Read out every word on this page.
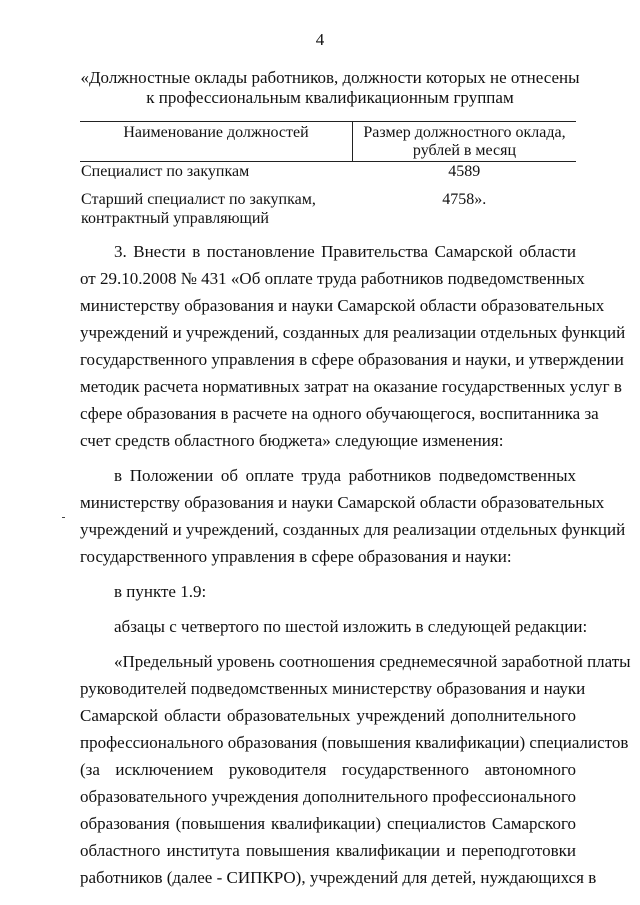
4
«Должностные оклады работников, должности которых не отнесены
к профессиональным квалификационным группам
Наименование должностей	Размер должностного оклада,
рублей в месяц

Специалист по закупкам	4589

Старший специалист по закупкам,
контрактный управляющий	4758».
3. Внести в постановление Правительства Самарской области
от 29.10.2008 № 431 «Об оплате труда работников подведомственных
министерству образования и науки Самарской области образовательных
учреждений и учреждений, созданных для реализации отдельных функций
государственного управления в сфере образования и науки, и утверждении
методик расчета нормативных затрат на оказание государственных услуг в
сфере образования в расчете на одного обучающегося, воспитанника за
счет средств областного бюджета» следующие изменения:
в Положении об оплате труда работников подведомственных
министерству образования и науки Самарской области образовательных
учреждений и учреждений, созданных для реализации отдельных функций
государственного управления в сфере образования и науки:
в пункте 1.9:
абзацы с четвертого по шестой изложить в следующей редакции:
«Предельный уровень соотношения среднемесячной заработной платы
руководителей подведомственных министерству образования и науки
Самарской области образовательных учреждений дополнительного
профессионального образования (повышения квалификации) специалистов
(за исключением руководителя государственного автономного
образовательного учреждения дополнительного профессионального
образования (повышения квалификации) специалистов Самарского
областного института повышения квалификации и переподготовки
работников (далее - СИПКРО), учреждений для детей, нуждающихся в
